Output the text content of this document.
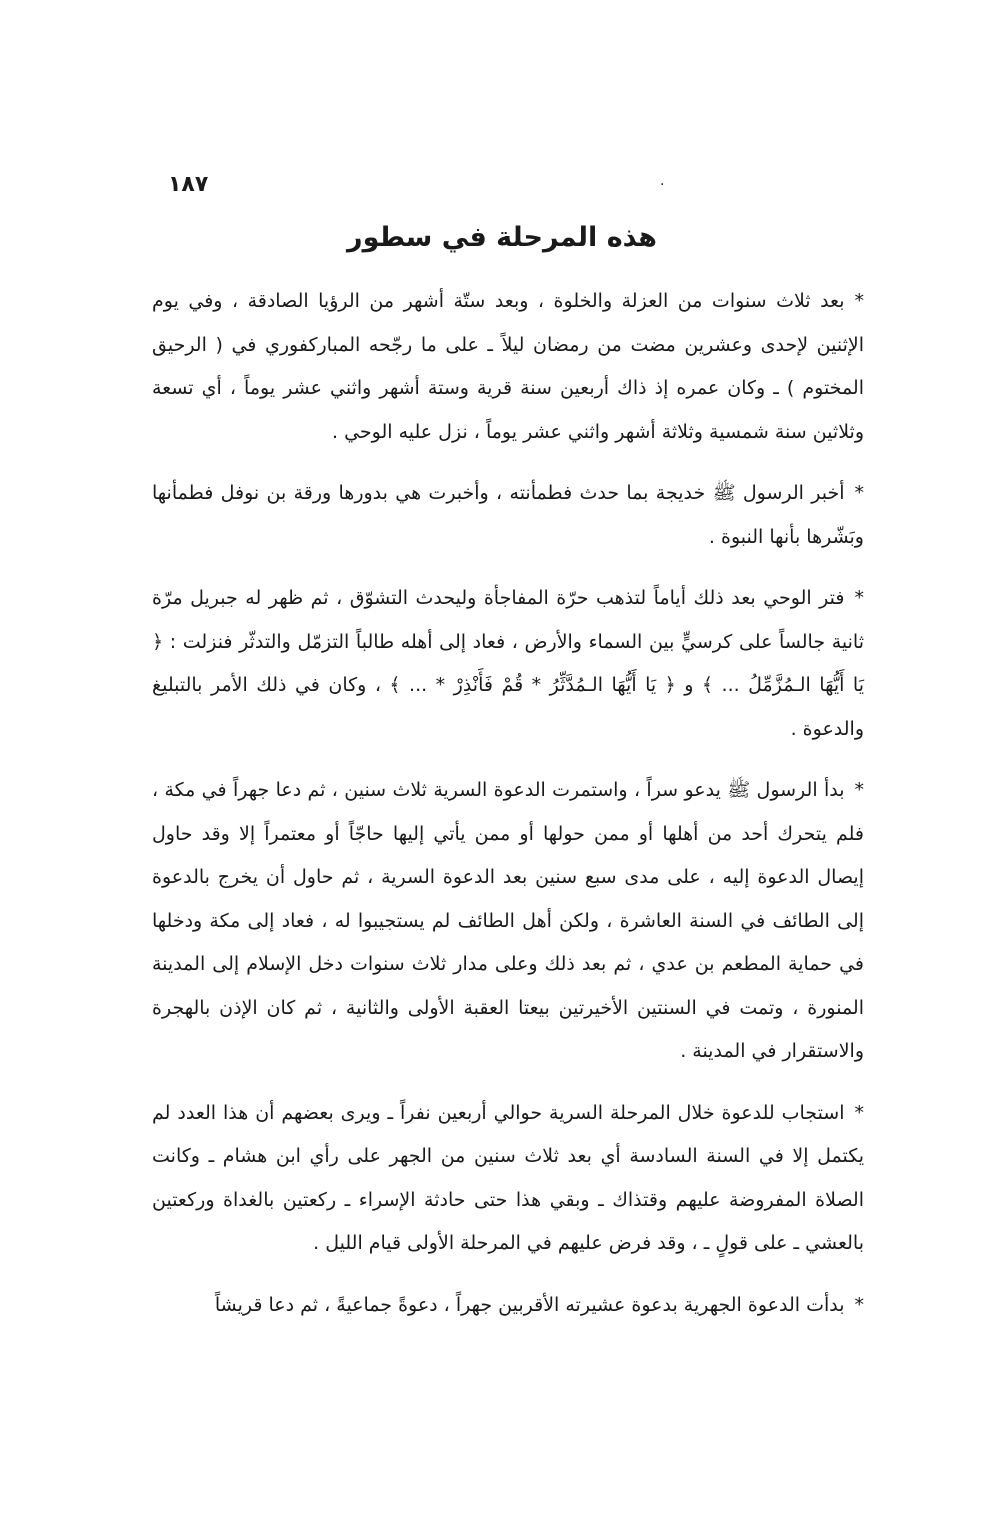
١٨٧	.
هذه المرحلة في سطور

*بعد ثلاث سنوات من العزلة والخلوة ، وبعد ستّة أشهر من الرؤيا الصادقة ، وفي يوم الإثنين لإحدى وعشرين مضت من رمضان ليلاً ـ على ما رجّحه المباركفوري في ( الرحيق المختوم ) ـ وكان عمره إذ ذاك أربعين سنة قرية وستة أشهر واثني عشر يوماً ، أي تسعة وثلاثين سنة شمسية وثلاثة أشهر واثني عشر يوماً ، نزل عليه الوحي .

*أخبر الرسول ﷺ خديجة بما حدث فطمأنته ، وأخبرت هي بدورها ورقة بن نوفل فطمأنها وبَشّرها بأنها النبوة .

*فتر الوحي بعد ذلك أياماً لتذهب حرّة المفاجأة وليحدث التشوّق ، ثم ظهر له جبريل مرّة ثانية جالساً على كرسيٍّ بين السماء والأرض ، فعاد إلى أهله طالباً التزمّل والتدثّر فنزلت : ﴿ يَا أَيُّهَا الـمُزَّمِّلُ ... ﴾ و ﴿ يَا أَيُّهَا الـمُدَّثِّرُ * قُمْ فَأَنْذِرْ * ... ﴾ ، وكان في ذلك الأمر بالتبليغ والدعوة .

*بدأ الرسول ﷺ يدعو سراً ، واستمرت الدعوة السرية ثلاث سنين ، ثم دعا جهراً في مكة ، فلم يتحرك أحد من أهلها أو ممن حولها أو ممن يأتي إليها حاجّاً أو معتمراً إلا وقد حاول إيصال الدعوة إليه ، على مدى سبع سنين بعد الدعوة السرية ، ثم حاول أن يخرج بالدعوة إلى الطائف في السنة العاشرة ، ولكن أهل الطائف لم يستجيبوا له ، فعاد إلى مكة ودخلها في حماية المطعم بن عدي ، ثم بعد ذلك وعلى مدار ثلاث سنوات دخل الإسلام إلى المدينة المنورة ، وتمت في السنتين الأخيرتين بيعتا العقبة الأولى والثانية ، ثم كان الإذن بالهجرة والاستقرار في المدينة .

*استجاب للدعوة خلال المرحلة السرية حوالي أربعين نفراً ـ ويرى بعضهم أن هذا العدد لم يكتمل إلا في السنة السادسة أي بعد ثلاث سنين من الجهر على رأي ابن هشام ـ وكانت الصلاة المفروضة عليهم وقتذاك ـ وبقي هذا حتى حادثة الإسراء ـ ركعتين بالغداة وركعتين بالعشي ـ على قولٍ ـ ، وقد فرض عليهم في المرحلة الأولى قيام الليل .

*بدأت الدعوة الجهرية بدعوة عشيرته الأقربين جهراً ، دعوةً جماعيةً ، ثم دعا قريشاً
